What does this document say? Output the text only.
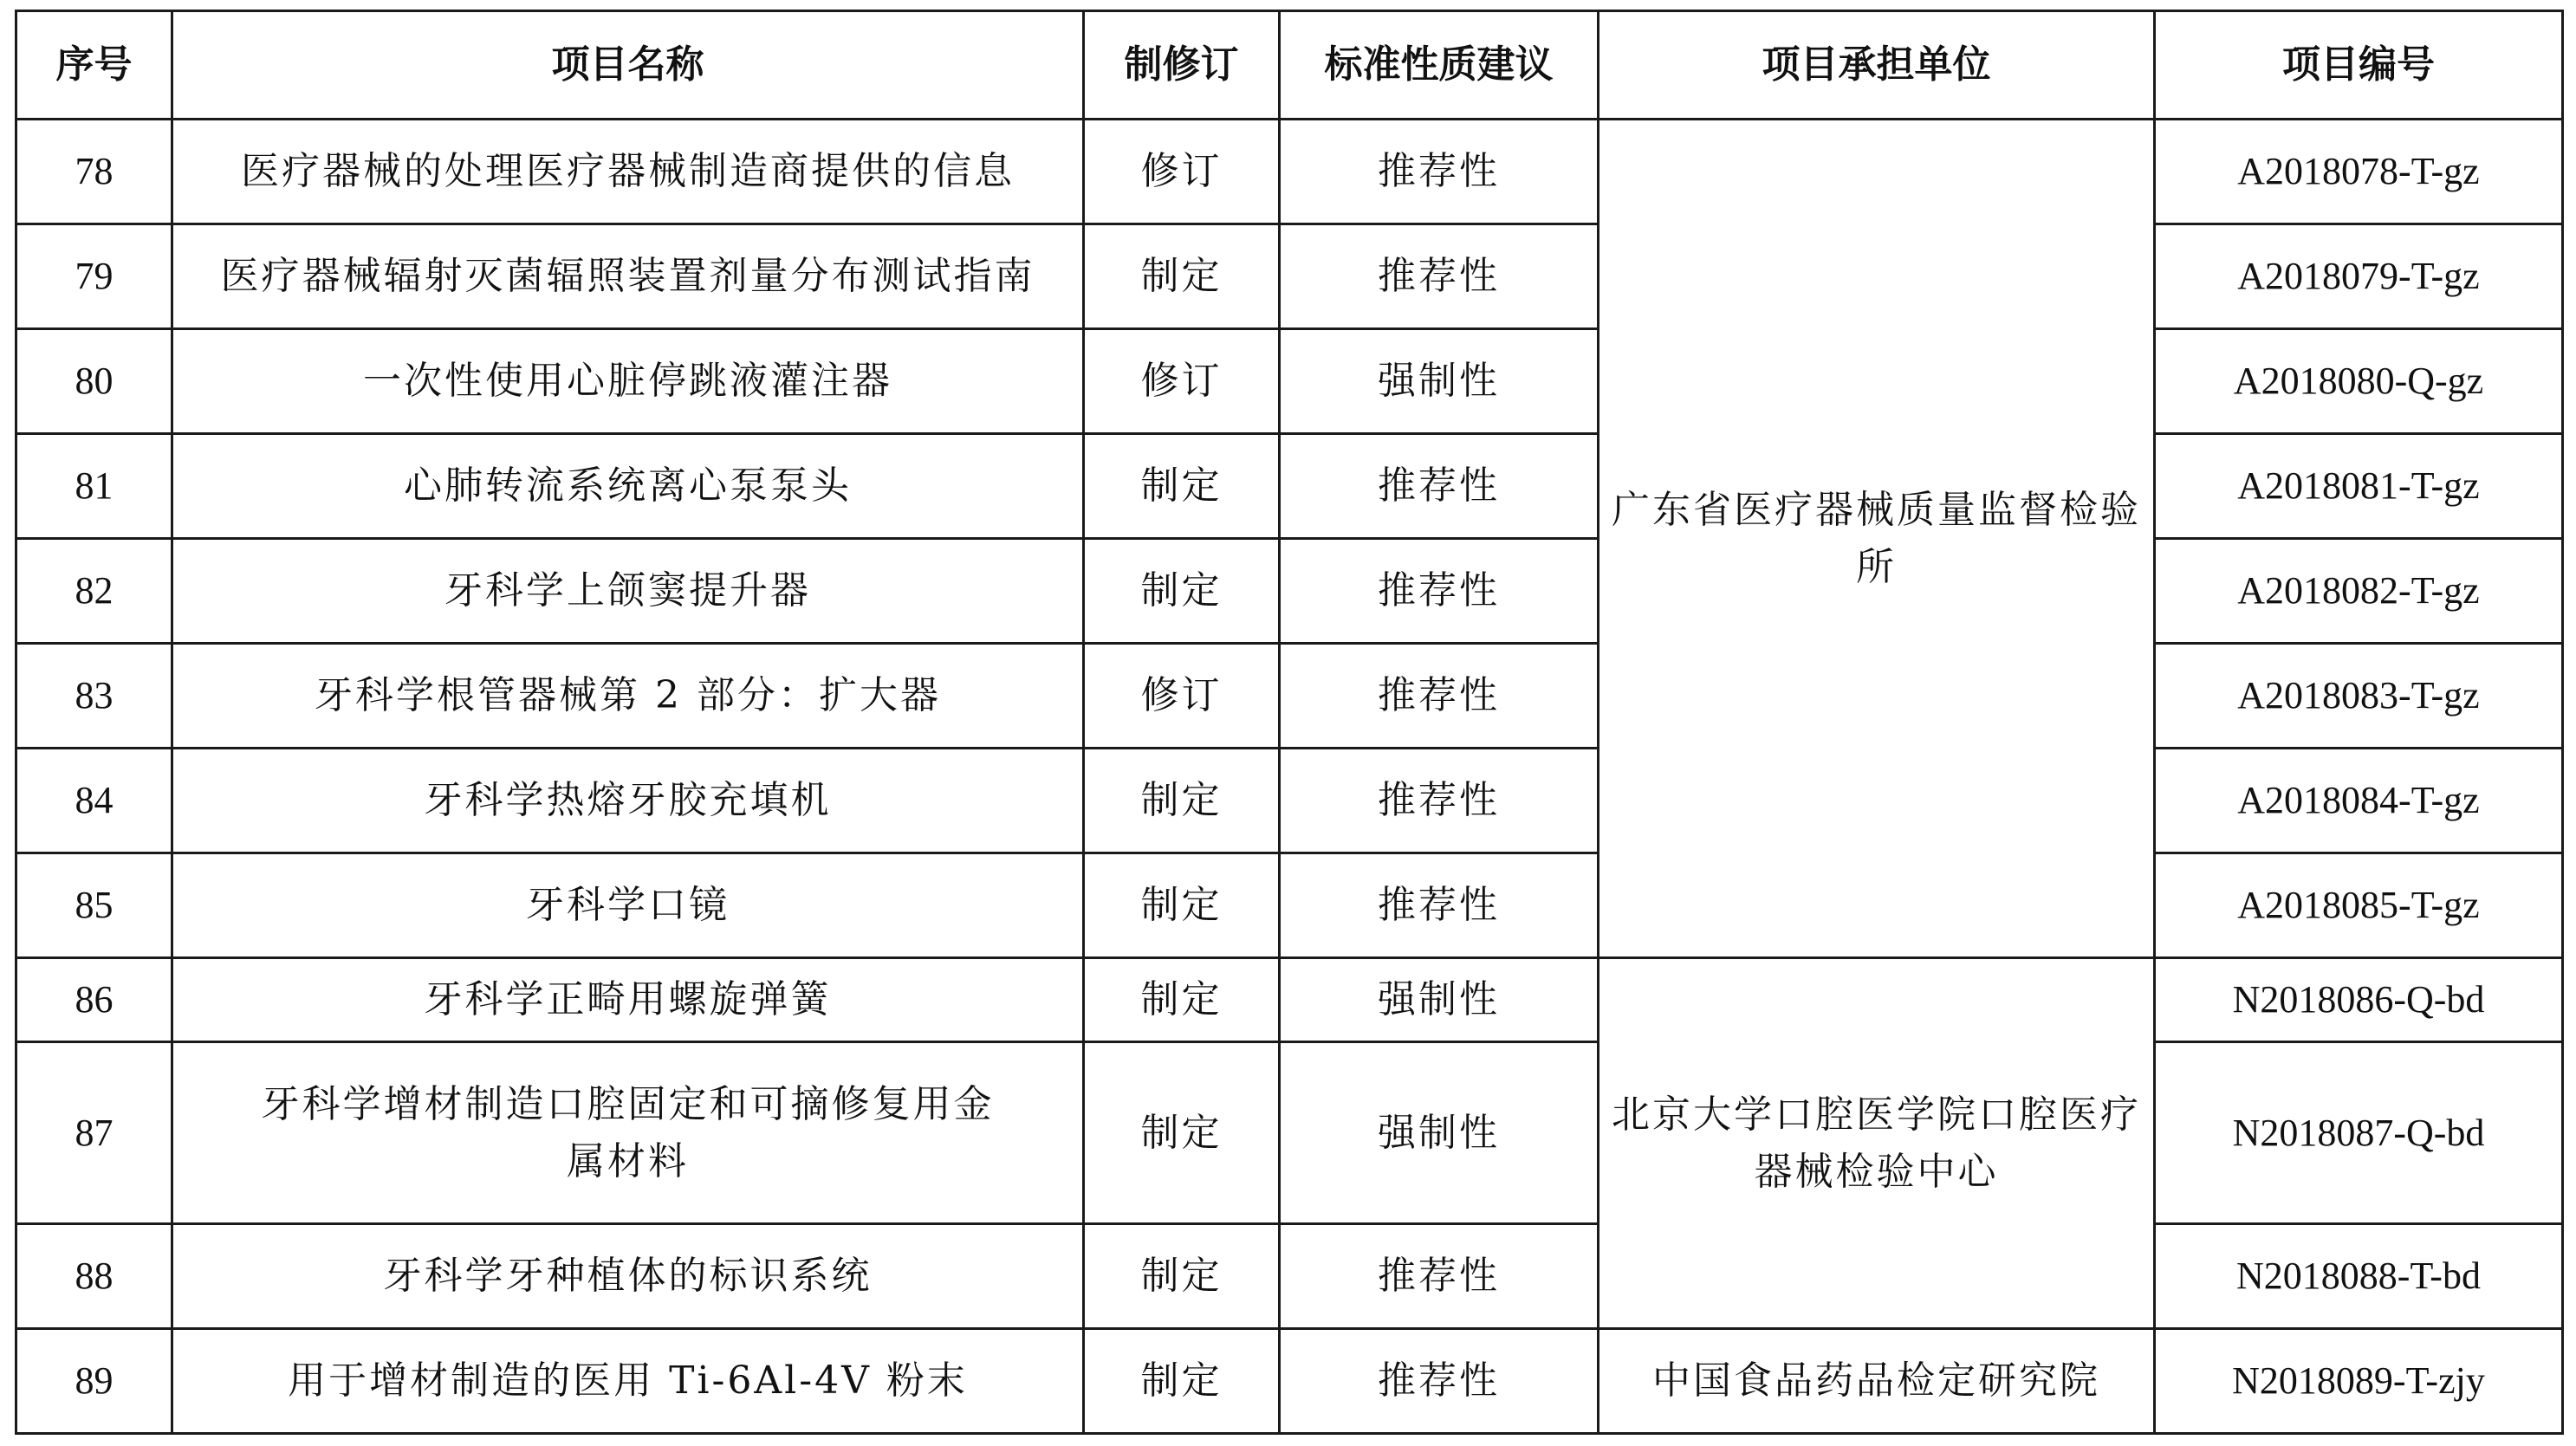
序号	项目名称	制修订	标准性质建议	项目承担单位	项目编号
78	医疗器械的处理医疗器械制造商提供的信息	修订	推荐性	广东省医疗器械质量监督检验所	A2018078-T-gz
79	医疗器械辐射灭菌辐照装置剂量分布测试指南	制定	推荐性		A2018079-T-gz
80	一次性使用心脏停跳液灌注器	修订	强制性		A2018080-Q-gz
81	心肺转流系统离心泵泵头	制定	推荐性		A2018081-T-gz
82	牙科学上颌窦提升器	制定	推荐性		A2018082-T-gz
83	牙科学根管器械第 2 部分：扩大器	修订	推荐性		A2018083-T-gz
84	牙科学热熔牙胶充填机	制定	推荐性		A2018084-T-gz
85	牙科学口镜	制定	推荐性		A2018085-T-gz
86	牙科学正畸用螺旋弹簧	制定	强制性	北京大学口腔医学院口腔医疗器械检验中心	N2018086-Q-bd
87	牙科学增材制造口腔固定和可摘修复用金属材料	制定	强制性		N2018087-Q-bd
88	牙科学牙种植体的标识系统	制定	推荐性		N2018088-T-bd
89	用于增材制造的医用 Ti-6Al-4V 粉末	制定	推荐性	中国食品药品检定研究院	N2018089-T-zjy
